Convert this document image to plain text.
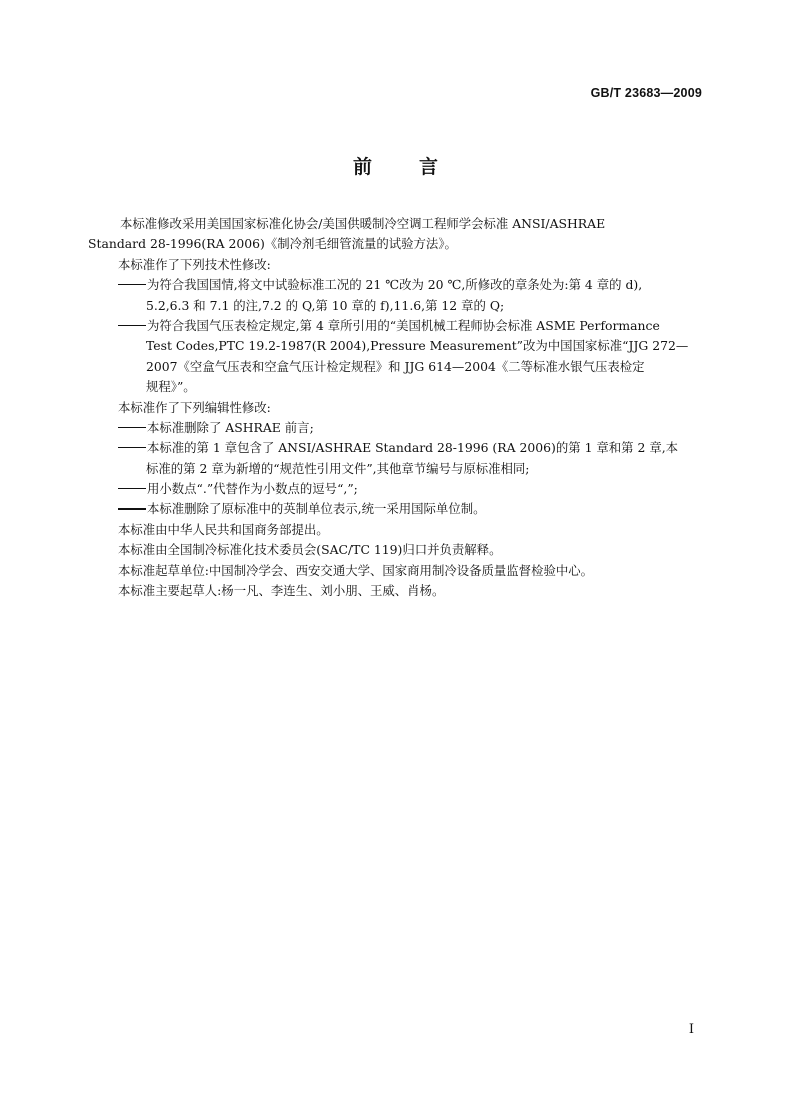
GB/T 23683—2009
前 言
本标准修改采用美国国家标准化协会/美国供暖制冷空调工程师学会标准 ANSI/ASHRAE
Standard 28-1996(RA 2006)《制冷剂毛细管流量的试验方法》。
本标准作了下列技术性修改:
为符合我国国情,将文中试验标准工况的 21 ℃改为 20 ℃,所修改的章条处为:第 4 章的 d),
5.2,6.3 和 7.1 的注,7.2 的 Q,第 10 章的 f),11.6,第 12 章的 Q;
为符合我国气压表检定规定,第 4 章所引用的“美国机械工程师协会标准 ASME Performance
Test Codes,PTC 19.2-1987(R 2004),Pressure Measurement”改为中国国家标准“JJG 272—
2007《空盒气压表和空盒气压计检定规程》和 JJG 614—2004《二等标准水银气压表检定
规程》”。
本标准作了下列编辑性修改:
本标准删除了 ASHRAE 前言;
本标准的第 1 章包含了 ANSI/ASHRAE Standard 28-1996 (RA 2006)的第 1 章和第 2 章,本
标准的第 2 章为新增的“规范性引用文件”,其他章节编号与原标准相同;
用小数点“.”代替作为小数点的逗号“,”;
本标准删除了原标准中的英制单位表示,统一采用国际单位制。
本标准由中华人民共和国商务部提出。
本标准由全国制冷标准化技术委员会(SAC/TC 119)归口并负责解释。
本标准起草单位:中国制冷学会、西安交通大学、国家商用制冷设备质量监督检验中心。
本标准主要起草人:杨一凡、李连生、刘小朋、王威、肖杨。
I
